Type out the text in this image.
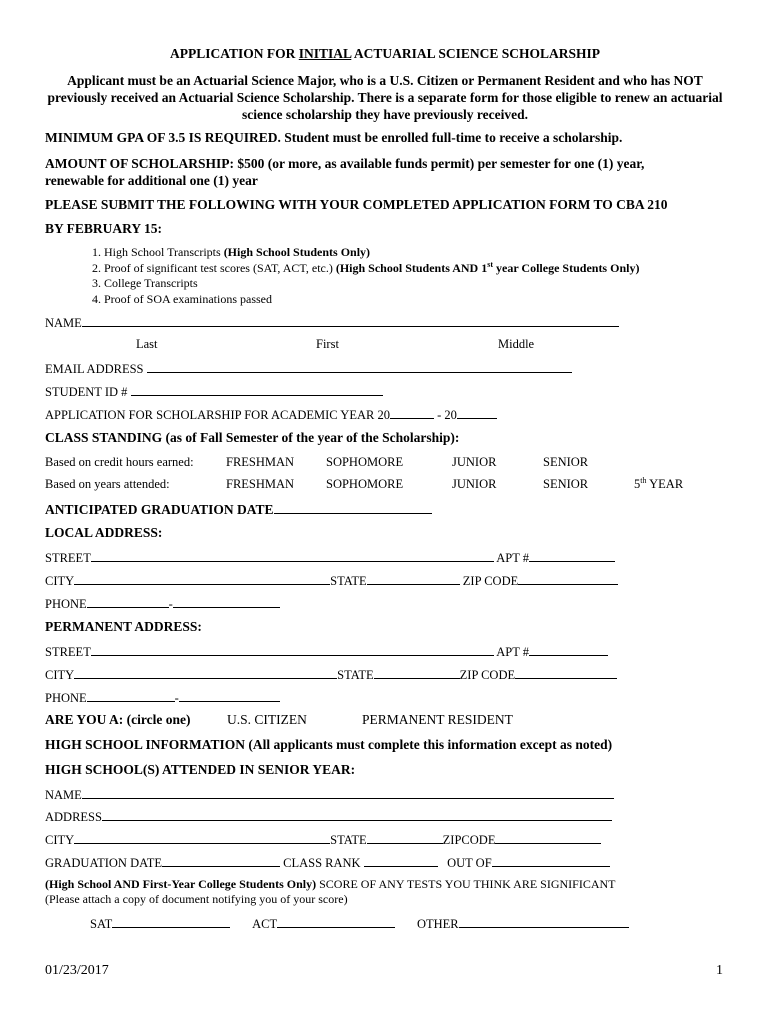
APPLICATION FOR INITIAL ACTUARIAL SCIENCE SCHOLARSHIP
Applicant must be an Actuarial Science Major, who is a U.S. Citizen or Permanent Resident and who has NOT previously received an Actuarial Science Scholarship. There is a separate form for those eligible to renew an actuarial science scholarship they have previously received.
MINIMUM GPA OF 3.5 IS REQUIRED. Student must be enrolled full-time to receive a scholarship.
AMOUNT OF SCHOLARSHIP: $500 (or more, as available funds permit) per semester for one (1) year,
renewable for additional one (1) year
PLEASE SUBMIT THE FOLLOWING WITH YOUR COMPLETED APPLICATION FORM TO CBA 210
BY FEBRUARY 15:
1. High School Transcripts (High School Students Only)
2. Proof of significant test scores (SAT, ACT, etc.) (High School Students AND 1st year College Students Only)
3. College Transcripts
4. Proof of SOA examinations passed
NAME
Last	First	Middle
EMAIL ADDRESS
STUDENT ID #
APPLICATION FOR SCHOLARSHIP FOR ACADEMIC YEAR 20	- 20
CLASS STANDING (as of Fall Semester of the year of the Scholarship):
Based on credit hours earned:	FRESHMAN	SOPHOMORE	JUNIOR	SENIOR
Based on years attended:	FRESHMAN	SOPHOMORE	JUNIOR	SENIOR	5th YEAR
ANTICIPATED GRADUATION DATE
LOCAL ADDRESS:
STREET	APT #
CITY	STATE	ZIP CODE
PHONE	-
PERMANENT ADDRESS:
STREET	APT #
CITY	STATE	ZIP CODE
PHONE	-
ARE YOU A: (circle one)	U.S. CITIZEN	PERMANENT RESIDENT
HIGH SCHOOL INFORMATION (All applicants must complete this information except as noted)
HIGH SCHOOL(S) ATTENDED IN SENIOR YEAR:
NAME
ADDRESS
CITY	STATE	ZIPCODE
GRADUATION DATE	CLASS RANK	OUT OF
(High School AND First-Year College Students Only) SCORE OF ANY TESTS YOU THINK ARE SIGNIFICANT
(Please attach a copy of document notifying you of your score)
SAT	ACT	OTHER
01/23/2017	1
